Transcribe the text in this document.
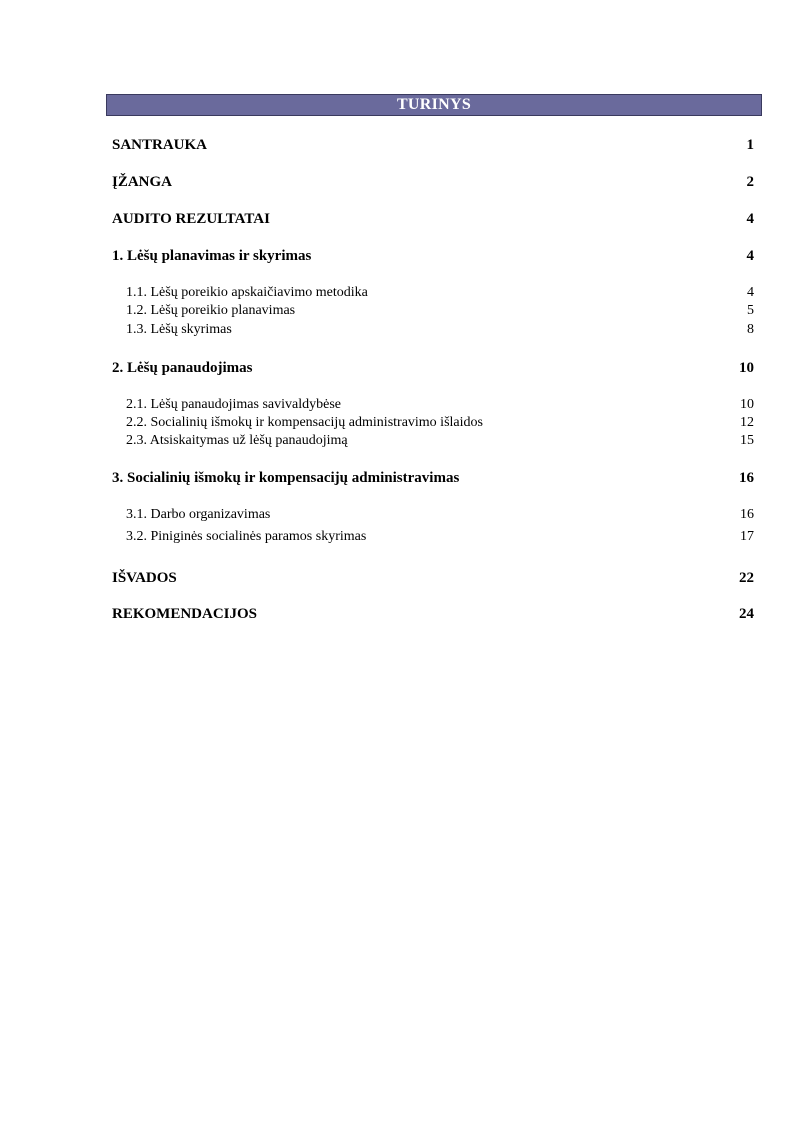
TURINYS
SANTRAUKA	1
ĮŽANGA	2
AUDITO REZULTATAI	4
1. Lėšų planavimas ir skyrimas	4
1.1. Lėšų poreikio apskaičiavimo metodika	4
1.2. Lėšų poreikio planavimas	5
1.3. Lėšų skyrimas	8
2. Lėšų panaudojimas	10
2.1. Lėšų panaudojimas savivaldybėse	10
2.2. Socialinių išmokų ir kompensacijų administravimo išlaidos	12
2.3. Atsiskaitymas už lėšų panaudojimą	15
3. Socialinių išmokų ir kompensacijų administravimas	16
3.1. Darbo organizavimas	16
3.2. Piniginės socialinės paramos skyrimas	17
IŠVADOS	22
REKOMENDACIJOS	24
